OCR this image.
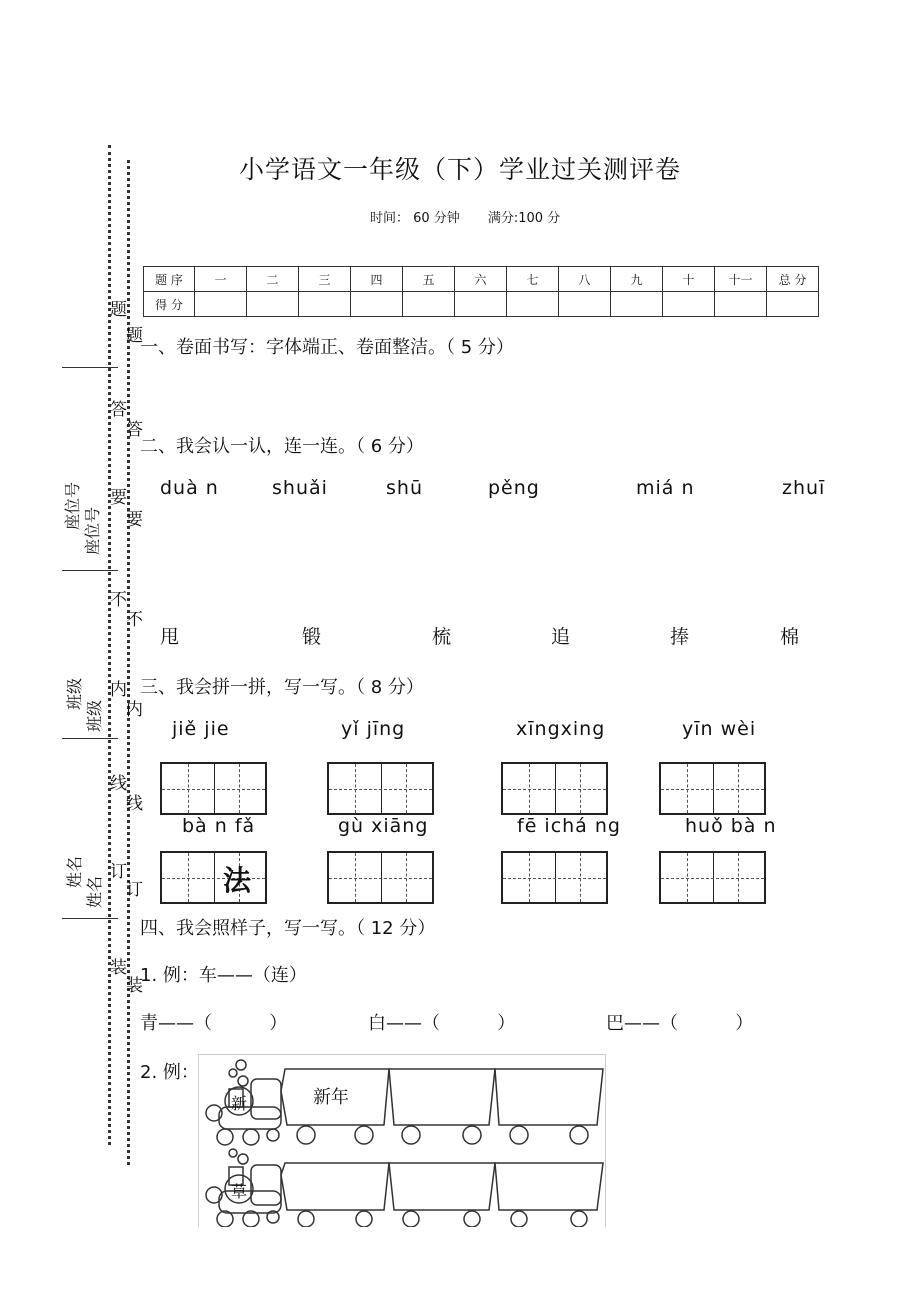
题
题
答
答
要
要
不
不
内
内
线
线
订
订
装
装
座位号
座位号
班级
班级
姓名
姓名
小学语文一年级（下）学业过关测评卷
时间： 60 分钟 满分:100 分
题 序	一	二	三	四	五	六	七	八	九	十	十一	总 分
得 分												
一、卷面书写：字体端正、卷面整洁。（ 5 分）
二、我会认一认，连一连。（ 6 分）
duà n	shuǎi	shū	pěng	miá n	zhuī
甩	锻	梳	追	捧	棉
三、我会拼一拼，写一写。（ 8 分）
jiě jie	yǐ jīng	xīngxing	yīn wèi
bà n fǎ	gù xiāng	fē ichá ng	huǒ bà n
法
四、我会照样子，写一写。（ 12 分）
1. 例：车——（连）
青——（          ）	白——（          ）	巴——（          ）
2. 例：
新	新年
草
